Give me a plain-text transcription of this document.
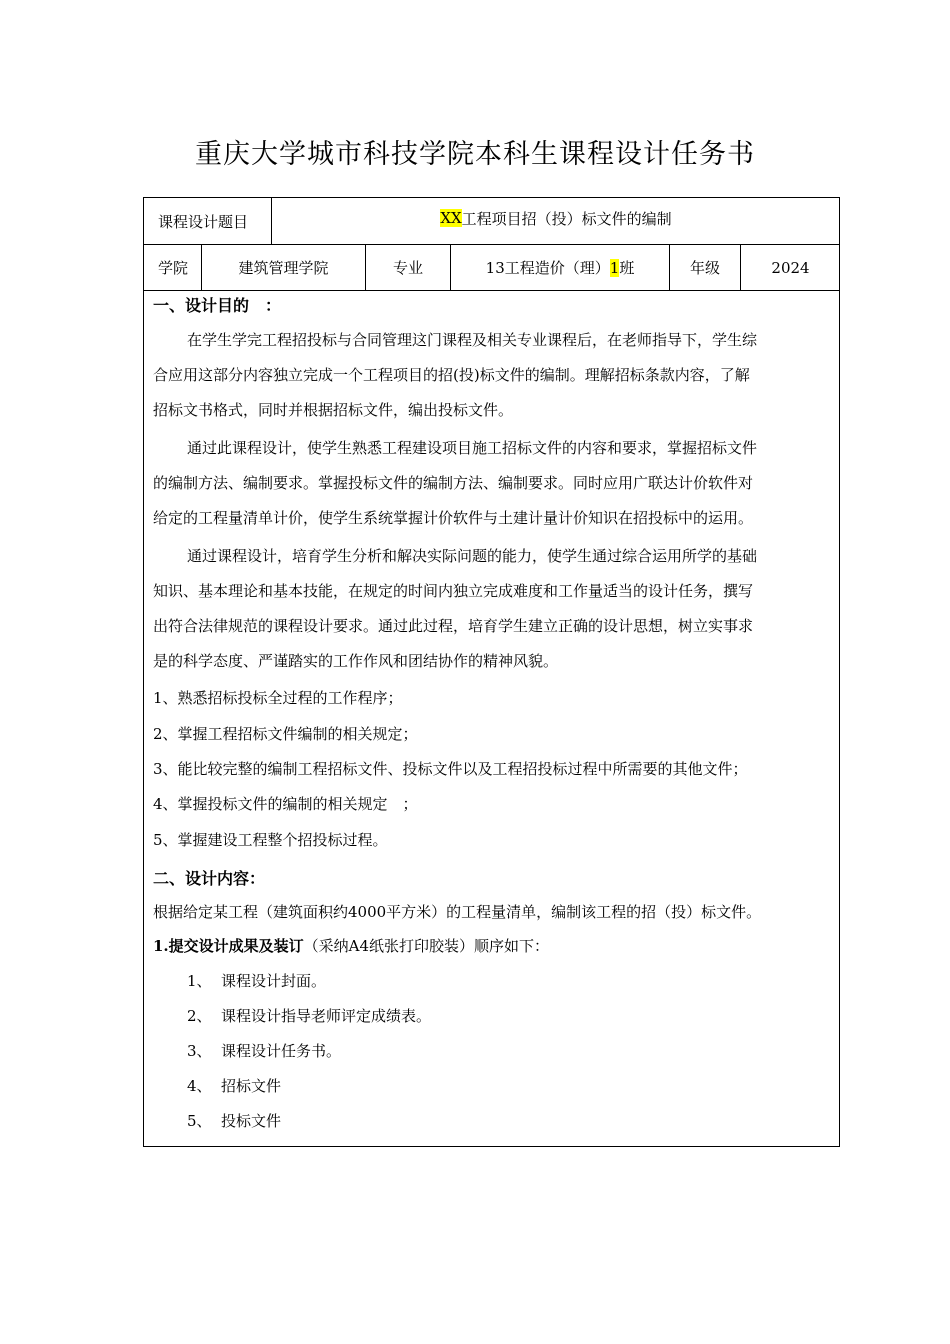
重庆大学城市科技学院本科生课程设计任务书
课程设计题目	XX 工程项目招（投）标文件的编制
学院	建筑管理学院	专业	13工程造价（理） 1 班	年级	2024
一、设计目的　：
在学生学完工程招投标与合同管理这门课程及相关专业课程后，在老师指导下，学生综
合应用这部分内容独立完成一个工程项目的招(投)标文件的编制。理解招标条款内容，了解
招标文书格式，同时并根据招标文件，编出投标文件。
通过此课程设计，使学生熟悉工程建设项目施工招标文件的内容和要求，掌握招标文件
的编制方法、编制要求。掌握投标文件的编制方法、编制要求。同时应用广联达计价软件对
给定的工程量清单计价，使学生系统掌握计价软件与土建计量计价知识在招投标中的运用。
通过课程设计，培育学生分析和解决实际问题的能力，使学生通过综合运用所学的基础
知识、基本理论和基本技能，在规定的时间内独立完成难度和工作量适当的设计任务，撰写
出符合法律规范的课程设计要求。通过此过程，培育学生建立正确的设计思想，树立实事求
是的科学态度、严谨踏实的工作作风和团结协作的精神风貌。
1、熟悉招标投标全过程的工作程序；
2、掌握工程招标文件编制的相关规定；
3、能比较完整的编制工程招标文件、投标文件以及工程招投标过程中所需要的其他文件；
4、掌握投标文件的编制的相关规定　；
5、掌握建设工程整个招投标过程。
二、设计内容：
根据给定某工程（建筑面积约4000平方米）的工程量清单，编制该工程的招（投）标文件。
1.提交设计成果及装订（采纳A4纸张打印胶装）顺序如下：
1、 课程设计封面。
2、 课程设计指导老师评定成绩表。
3、 课程设计任务书。
4、 招标文件
5、 投标文件
